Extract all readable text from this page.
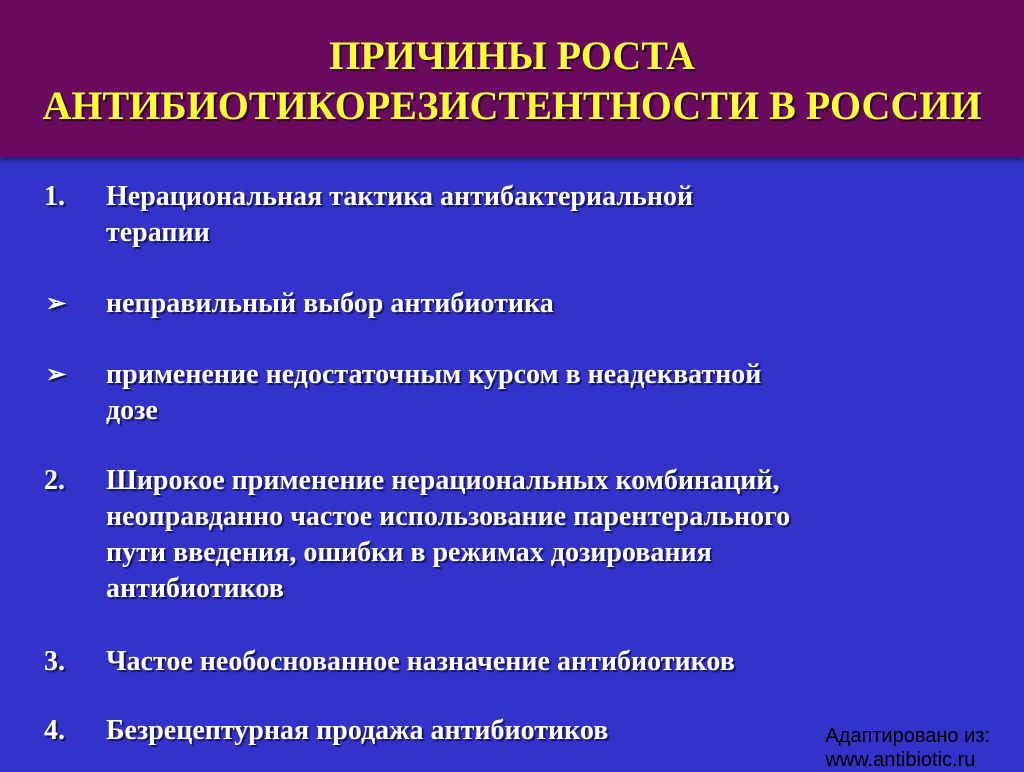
ПРИЧИНЫ РОСТА
АНТИБИОТИКОРЕЗИСТЕНТНОСТИ В РОССИИ
1. Нерациональная тактика антибактериальной
терапии
➢ неправильный выбор антибиотика
➢ применение недостаточным курсом в неадекватной
дозе
2. Широкое применение нерациональных комбинаций,
неоправданно частое использование парентерального
пути введения, ошибки в режимах дозирования
антибиотиков
3. Частое необоснованное назначение антибиотиков
4. Безрецептурная продажа антибиотиков	Адаптировано из:
www.antibiotic.ru
